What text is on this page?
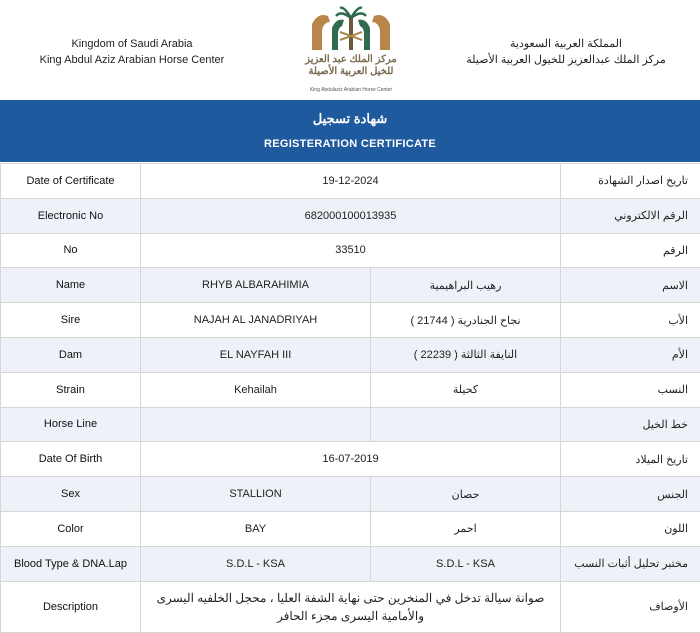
Kingdom of Saudi Arabia
King Abdul Aziz Arabian Horse Center	مركز الملك عبد العزيز
للخيل العربية الأصيلة
King Abdulaziz Arabian Horse Center
المملكة العربية السعودية
مركز الملك عبدالعزيز للخيول العربية الأصيلة
شهادة تسجيل
REGISTERATION CERTIFICATE
Date of Certificate	19-12-2024		تاريخ اصدار الشهادة
Electronic No	682000100013935		الرقم الالكتروني
No	33510		الرقم
Name	RHYB ALBARAHIMIA	رهيب البراهيمية	الاسم
Sire	NAJAH AL JANADRIYAH	نجاح الجنادرية ( 21744 )	الأب
Dam	EL NAYFAH III	النايفة الثالثة ( 22239 )	الأم
Strain	Kehailah	كحيلة	النسب
Horse Line			خط الخيل
Date Of Birth	16-07-2019		تاريخ الميلاد
Sex	STALLION	حصان	الجنس
Color	BAY	احمر	اللون
Blood Type & DNA.Lap	S.D.L - KSA	S.D.L - KSA	مختبر تحليل أثبات النسب
Description	صوانة سيالة تدخل في المنخرين حتى نهاية الشفة العليا ، محجل الخلفيه اليسرى والأمامية اليسرى مجزء الحافر		الأوصاف
